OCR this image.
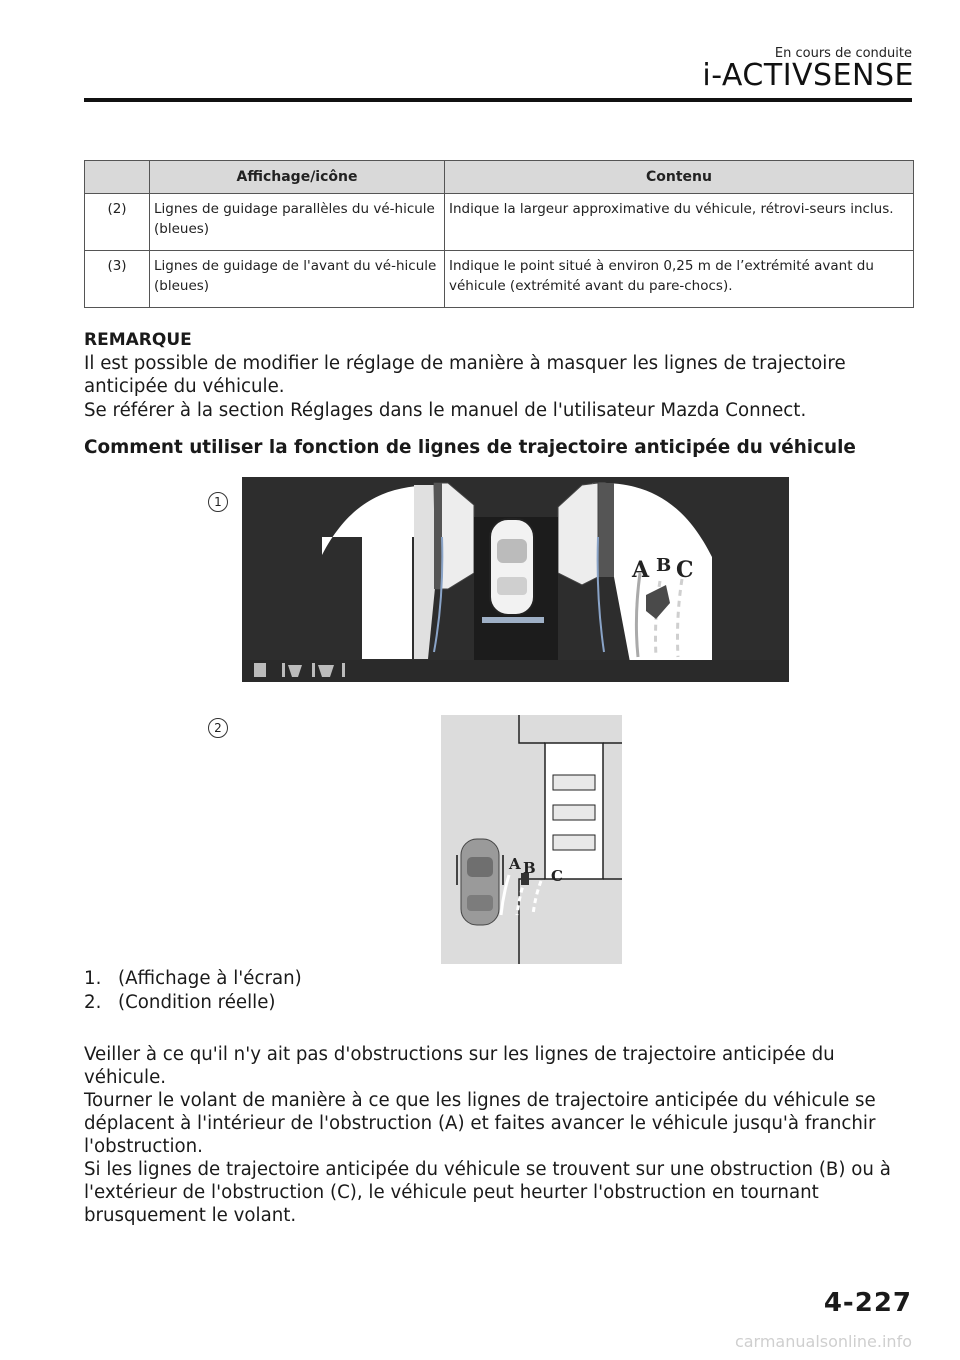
En cours de conduite
i-ACTIVSENSE
	Affichage/icône	Contenu
(2)	Lignes de guidage parallèles du vé-hicule (bleues)	Indique la largeur approximative du véhicule, rétrovi-seurs inclus.
(3)	Lignes de guidage de l'avant du vé-hicule (bleues)	Indique le point situé à environ 0,25 m de l’extrémité avant du véhicule (extrémité avant du pare-chocs).
REMARQUE
Il est possible de modifier le réglage de manière à masquer les lignes de trajectoire anticipée du véhicule.
Se référer à la section Réglages dans le manuel de l'utilisateur Mazda Connect.
Comment utiliser la fonction de lignes de trajectoire anticipée du véhicule
1
A B C
2
A B C
1. (Affichage à l'écran)
2. (Condition réelle)
Veiller à ce qu'il n'y ait pas d'obstructions sur les lignes de trajectoire anticipée du véhicule.
Tourner le volant de manière à ce que les lignes de trajectoire anticipée du véhicule se déplacent à l'intérieur de l'obstruction (A) et faites avancer le véhicule jusqu'à franchir l'obstruction.
Si les lignes de trajectoire anticipée du véhicule se trouvent sur une obstruction (B) ou à l'extérieur de l'obstruction (C), le véhicule peut heurter l'obstruction en tournant brusquement le volant.
4-227
carmanualsonline.info
